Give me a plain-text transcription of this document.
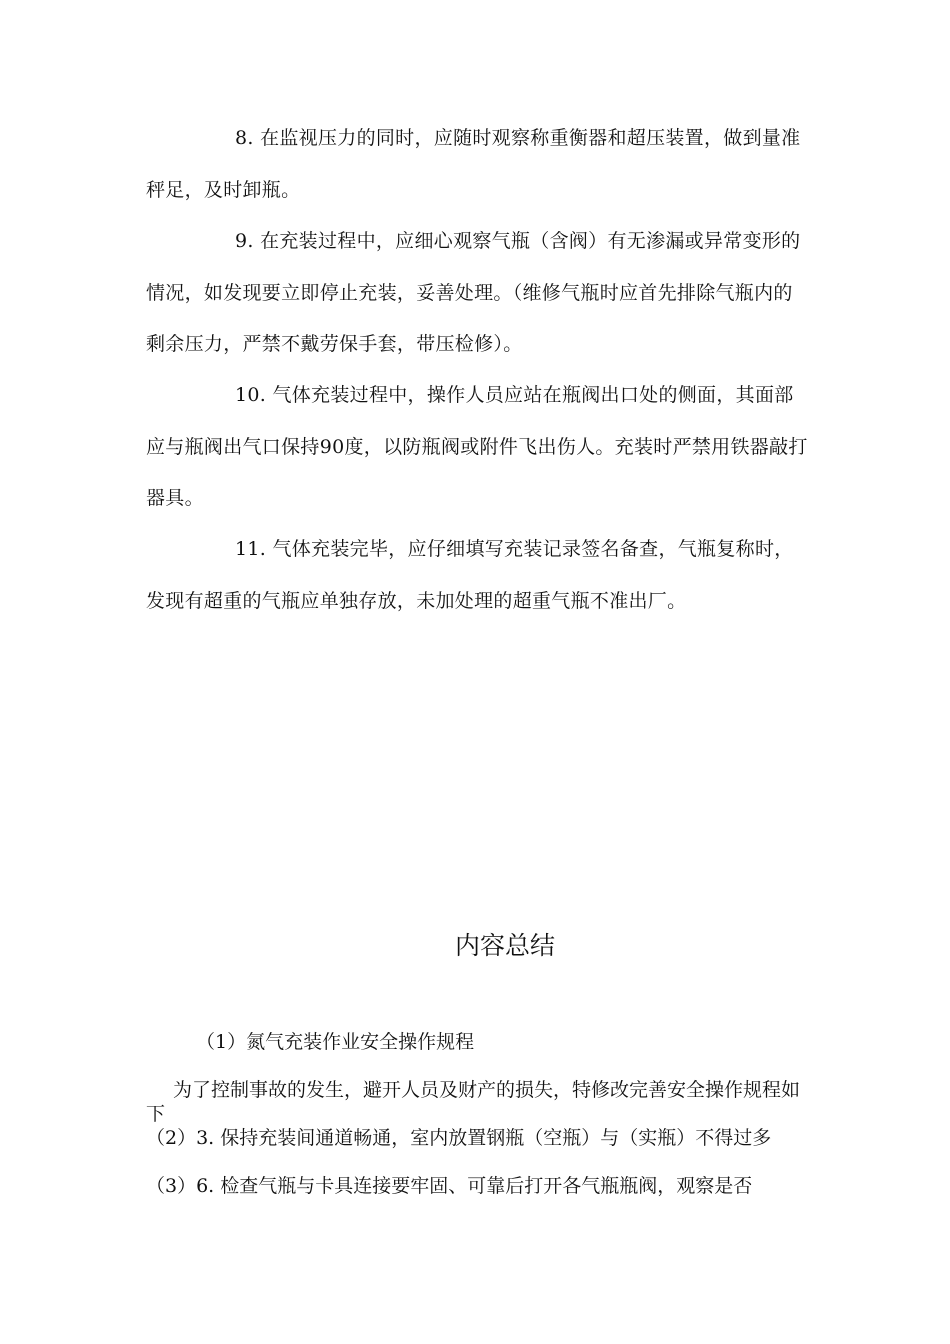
8. 在监视压力的同时，应随时观察称重衡器和超压装置，做到量准秤足，及时卸瓶。

9. 在充装过程中，应细心观察气瓶（含阀）有无渗漏或异常变形的情况，如发现要立即停止充装，妥善处理。（维修气瓶时应首先排除气瓶内的剩余压力，严禁不戴劳保手套，带压检修）。

10. 气体充装过程中，操作人员应站在瓶阀出口处的侧面，其面部应与瓶阀出气口保持90度，以防瓶阀或附件飞出伤人。充装时严禁用铁器敲打器具。

11. 气体充装完毕，应仔细填写充装记录签名备查，气瓶复称时，发现有超重的气瓶应单独存放，未加处理的超重气瓶不准出厂。

内容总结

（1）氮气充装作业安全操作规程

为了控制事故的发生，避开人员及财产的损失，特修改完善安全操作规程如下

（2）3. 保持充装间通道畅通，室内放置钢瓶（空瓶）与（实瓶）不得过多

（3）6. 检查气瓶与卡具连接要牢固、可靠后打开各气瓶瓶阀，观察是否
